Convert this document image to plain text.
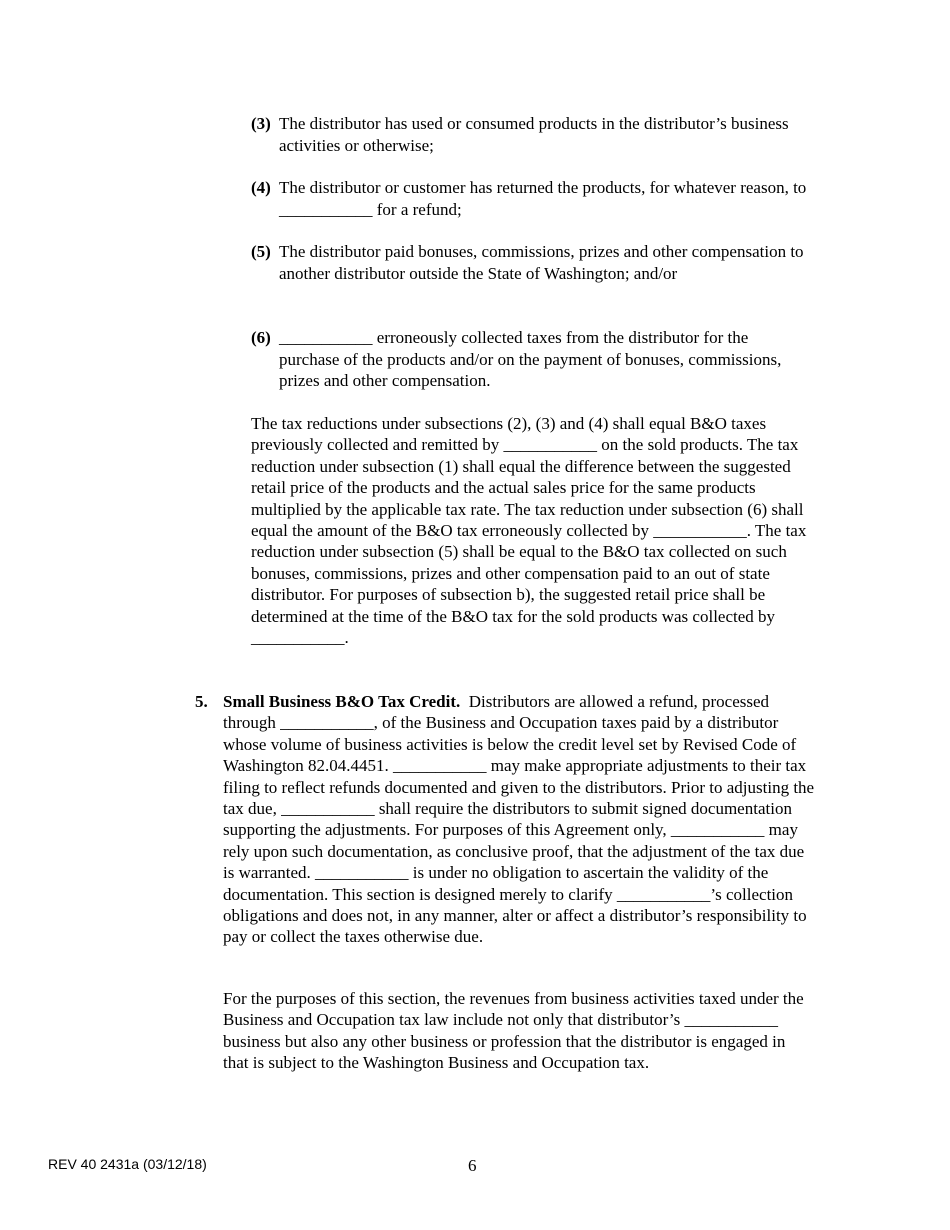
(3) The distributor has used or consumed products in the distributor’s business activities or otherwise;
(4) The distributor or customer has returned the products, for whatever reason, to ___________ for a refund;
(5) The distributor paid bonuses, commissions, prizes and other compensation to another distributor outside the State of Washington; and/or
(6) ___________ erroneously collected taxes from the distributor for the purchase of the products and/or on the payment of bonuses, commissions, prizes and other compensation.
The tax reductions under subsections (2), (3) and (4) shall equal B&O taxes previously collected and remitted by ___________ on the sold products. The tax reduction under subsection (1) shall equal the difference between the suggested retail price of the products and the actual sales price for the same products multiplied by the applicable tax rate. The tax reduction under subsection (6) shall equal the amount of the B&O tax erroneously collected by ___________. The tax reduction under subsection (5) shall be equal to the B&O tax collected on such bonuses, commissions, prizes and other compensation paid to an out of state distributor. For purposes of subsection b), the suggested retail price shall be determined at the time of the B&O tax for the sold products was collected by ___________.
5. Small Business B&O Tax Credit. Distributors are allowed a refund, processed through ___________, of the Business and Occupation taxes paid by a distributor whose volume of business activities is below the credit level set by Revised Code of Washington 82.04.4451. ___________ may make appropriate adjustments to their tax filing to reflect refunds documented and given to the distributors. Prior to adjusting the tax due, ___________ shall require the distributors to submit signed documentation supporting the adjustments. For purposes of this Agreement only, ___________ may rely upon such documentation, as conclusive proof, that the adjustment of the tax due is warranted. ___________ is under no obligation to ascertain the validity of the documentation. This section is designed merely to clarify ___________’s collection obligations and does not, in any manner, alter or affect a distributor’s responsibility to pay or collect the taxes otherwise due.
For the purposes of this section, the revenues from business activities taxed under the Business and Occupation tax law include not only that distributor’s ___________ business but also any other business or profession that the distributor is engaged in that is subject to the Washington Business and Occupation tax.
REV 40 2431a (03/12/18)	6
